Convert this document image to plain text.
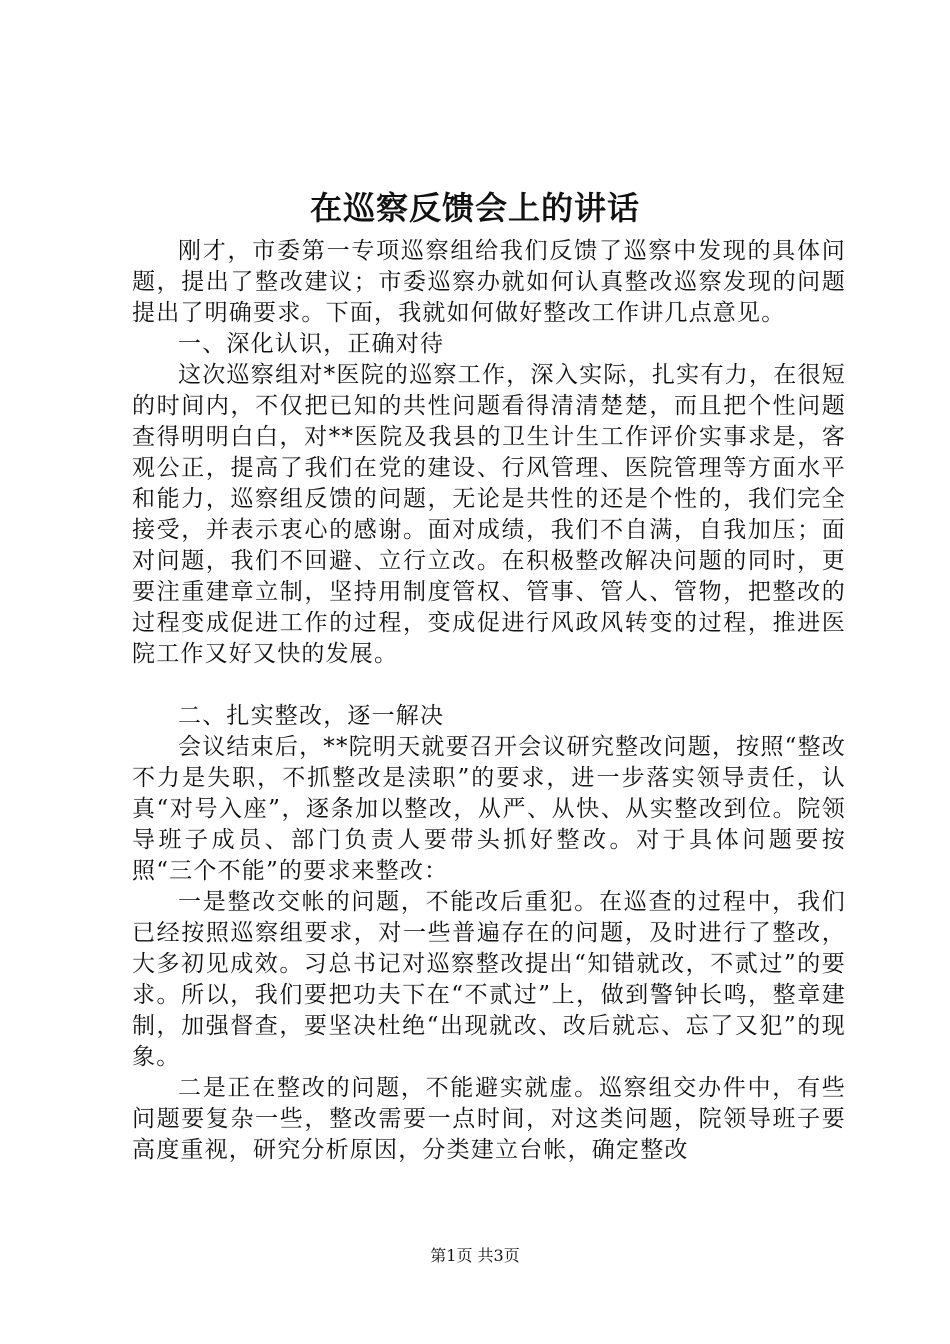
在巡察反馈会上的讲话

刚才，市委第一专项巡察组给我们反馈了巡察中发现的具体问题，提出了整改建议；市委巡察办就如何认真整改巡察发现的问题提出了明确要求。下面，我就如何做好整改工作讲几点意见。

一、深化认识，正确对待

这次巡察组对*医院的巡察工作，深入实际，扎实有力，在很短的时间内，不仅把已知的共性问题看得清清楚楚，而且把个性问题查得明明白白，对**医院及我县的卫生计生工作评价实事求是，客观公正，提高了我们在党的建设、行风管理、医院管理等方面水平和能力，巡察组反馈的问题，无论是共性的还是个性的，我们完全接受，并表示衷心的感谢。面对成绩，我们不自满，自我加压；面对问题，我们不回避、立行立改。在积极整改解决问题的同时，更要注重建章立制，坚持用制度管权、管事、管人、管物，把整改的过程变成促进工作的过程，变成促进行风政风转变的过程，推进医院工作又好又快的发展。

二、扎实整改，逐一解决

会议结束后，**院明天就要召开会议研究整改问题，按照“整改不力是失职，不抓整改是渎职”的要求，进一步落实领导责任，认真“对号入座”，逐条加以整改，从严、从快、从实整改到位。院领导班子成员、部门负责人要带头抓好整改。对于具体问题要按照“三个不能”的要求来整改：

一是整改交帐的问题，不能改后重犯。在巡查的过程中，我们已经按照巡察组要求，对一些普遍存在的问题，及时进行了整改，大多初见成效。习总书记对巡察整改提出“知错就改，不贰过”的要求。所以，我们要把功夫下在“不贰过”上，做到警钟长鸣，整章建制，加强督查，要坚决杜绝“出现就改、改后就忘、忘了又犯”的现象。

二是正在整改的问题，不能避实就虚。巡察组交办件中，有些问题要复杂一些，整改需要一点时间，对这类问题，院领导班子要高度重视，研究分析原因，分类建立台帐，确定整改

第1页 共3页
